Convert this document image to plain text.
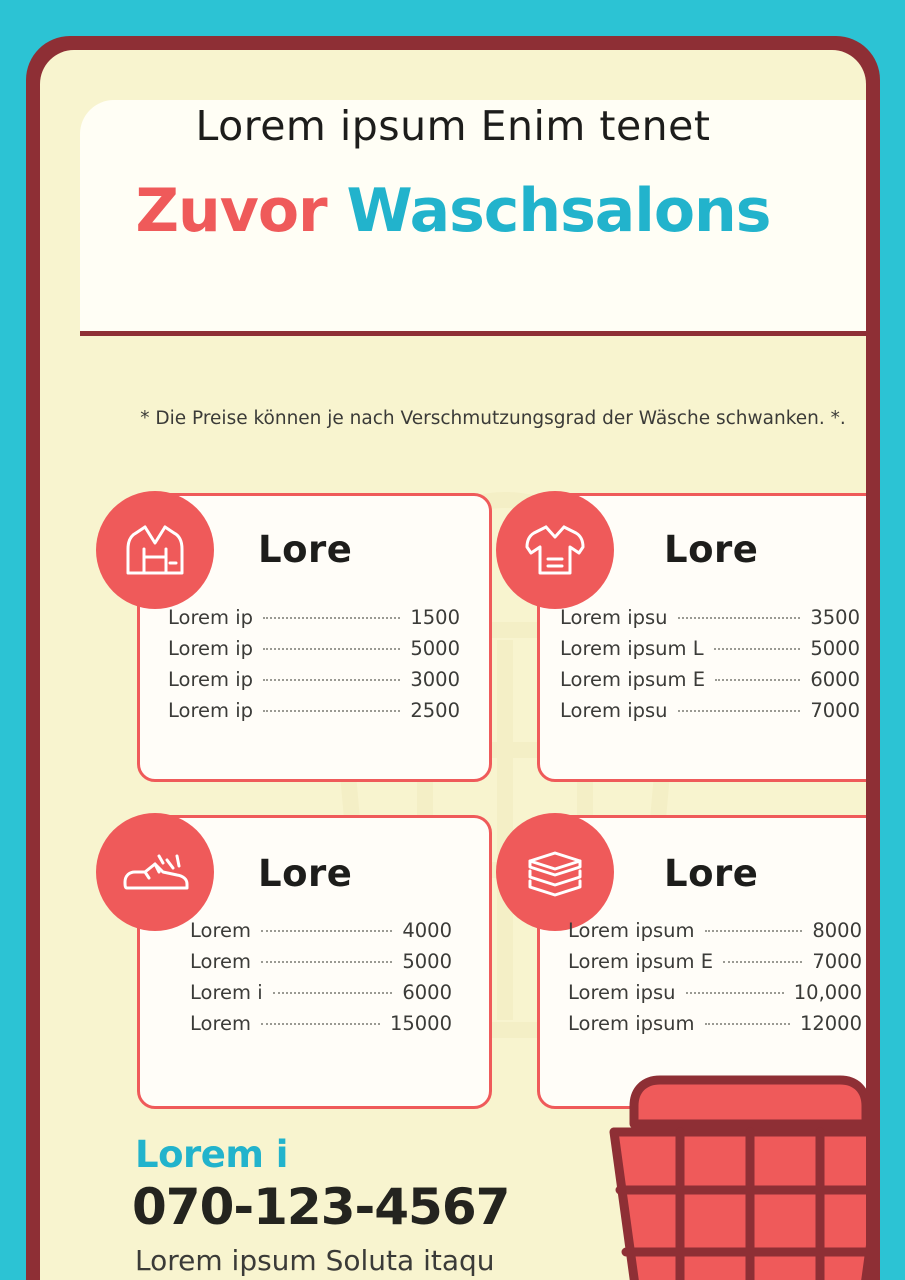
Lorem ipsum Enim tenet
Zuvor Waschsalons
* Die Preise können je nach Verschmutzungsgrad der Wäsche schwanken. *.
Lore
Lorem ip	1500
Lorem ip	5000
Lorem ip	3000
Lorem ip	2500
Lore
Lorem ipsu	3500
Lorem ipsum L	5000
Lorem ipsum E	6000
Lorem ipsu	7000
Lore
Lorem	4000
Lorem	5000
Lorem i	6000
Lorem	15000
Lore
Lorem ipsum	8000
Lorem ipsum E	7000
Lorem ipsu	10,000
Lorem ipsum	12000
Lorem i
070-123-4567
Lorem ipsum Soluta itaqu
